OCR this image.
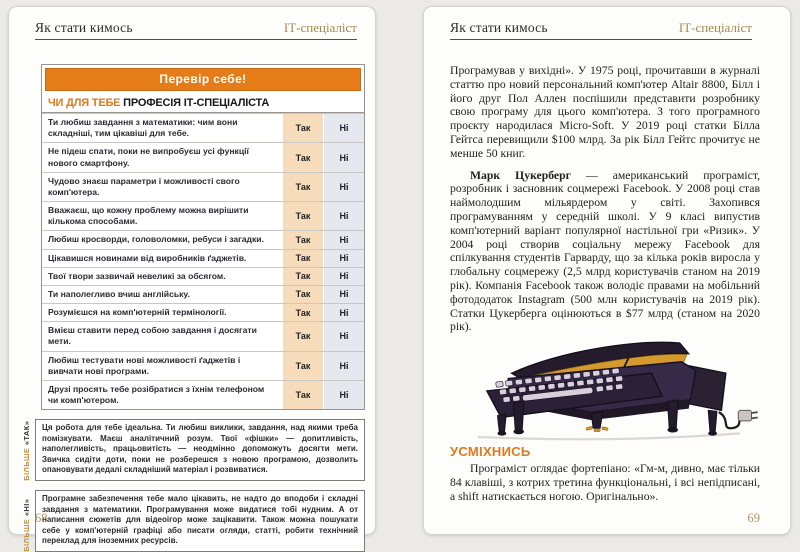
Як стати кимось	ІТ-спеціаліст
Перевір себе!
ЧИ ДЛЯ ТЕБЕ ПРОФЕСІЯ ІТ-СПЕЦІАЛІСТА
Ти любиш завдання з математики: чим вони складніші, тим цікавіші для тебе.	Так	Ні
Не підеш спати, поки не випробуєш усі функції нового смартфону.	Так	Ні
Чудово знаєш параметри і можливості свого комп'ютера.	Так	Ні
Вважаєш, що кожну проблему можна вирішити кількома способами.	Так	Ні
Любиш кросворди, головоломки, ребуси і загадки.	Так	Ні
Цікавишся новинами від виробників ґаджетів.	Так	Ні
Твої твори зазвичай невеликі за обсягом.	Так	Ні
Ти наполегливо вчиш англійську.	Так	Ні
Розумієшся на комп'ютерній термінології.	Так	Ні
Вмієш ставити перед собою завдання і досягати мети.	Так	Ні
Любиш тестувати нові можливості ґаджетів і вивчати нові програми.	Так	Ні
Друзі просять тебе розібратися з їхнім телефоном чи комп'ютером.	Так	Ні
БІЛЬШЕ «ТАК»	Ця робота для тебе ідеальна. Ти любиш виклики, завдання, над якими треба помізкувати. Маєш аналітичний розум. Твої «фішки» — допитливість, наполегливість, працьовитість — неодмінно допоможуть досягти мети. Звичка сидіти доти, поки не розберешся з новою програмою, дозволить опановувати дедалі складніший матеріал і розвиватися.
БІЛЬШЕ «НІ»
Програмне забезпечення тебе мало цікавить, не надто до вподоби і складні завдання з математики. Програмування може видатися тобі нудним. А от написання сюжетів для відеоігор може зацікавити. Також можна пошукати себе у комп'ютерній графіці або писати огляди, статті, робити технічний переклад для іноземних ресурсів.
68
Як стати кимось	ІТ-спеціаліст

Програмував у вихідні». У 1975 році, прочитавши в журналі статтю про новий персональний комп'ютер Altair 8800, Білл і його друг Пол Аллен поспішили представити розробнику свою програму для цього комп'ютера. З того програмного проєкту народилася Micro-Soft. У 2019 році статки Білла Гейтса перевищили $100 млрд. За рік Білл Гейтс прочитує не менше 50 книг.

Марк Цукерберг — американський програміст, розробник і засновник соцмережі Facebook. У 2008 році став наймолодшим мільярдером у світі. Захопився програмуванням у середній школі. У 9 класі випустив комп'ютерний варіант популярної настільної гри «Ризик». У 2004 році створив соціальну мережу Facebook для спілкування студентів Гарварду, що за кілька років виросла у глобальну соцмережу (2,5 млрд користувачів станом на 2019 рік). Компанія Facebook також володіє правами на мобільний фотододаток Instagram (500 млн користувачів на 2019 рік). Статки Цукерберга оцінюються в $77 млрд (станом на 2020 рік).

УСМІХНИСЬ

Програміст оглядає фортепіано: «Гм-м, дивно, має тільки 84 клавіші, з котрих третина функціональні, і всі непідписані, а shift натискається ногою. Оригінально».

69
